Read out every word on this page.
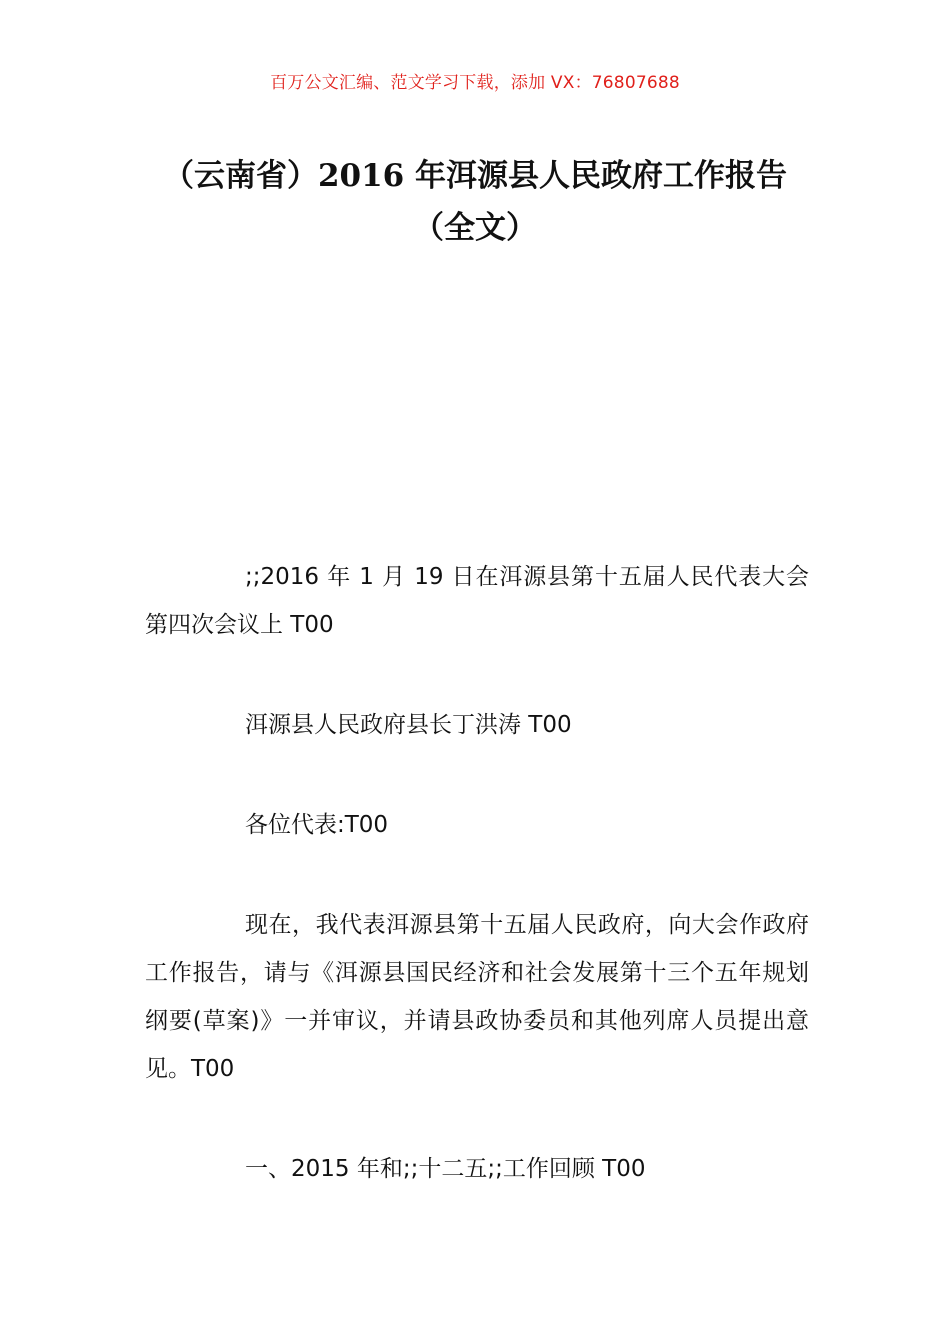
百万公文汇编、范文学习下载，添加 VX：76807688
（云南省）2016 年洱源县人民政府工作报告（全文）

;;2016 年 1 月 19 日在洱源县第十五届人民代表大会第四次会议上 T00

洱源县人民政府县长丁洪涛 T00

各位代表:T00

现在，我代表洱源县第十五届人民政府，向大会作政府工作报告，请与《洱源县国民经济和社会发展第十三个五年规划纲要(草案)》一并审议，并请县政协委员和其他列席人员提出意见。T00

一、2015 年和;;十二五;;工作回顾 T00
